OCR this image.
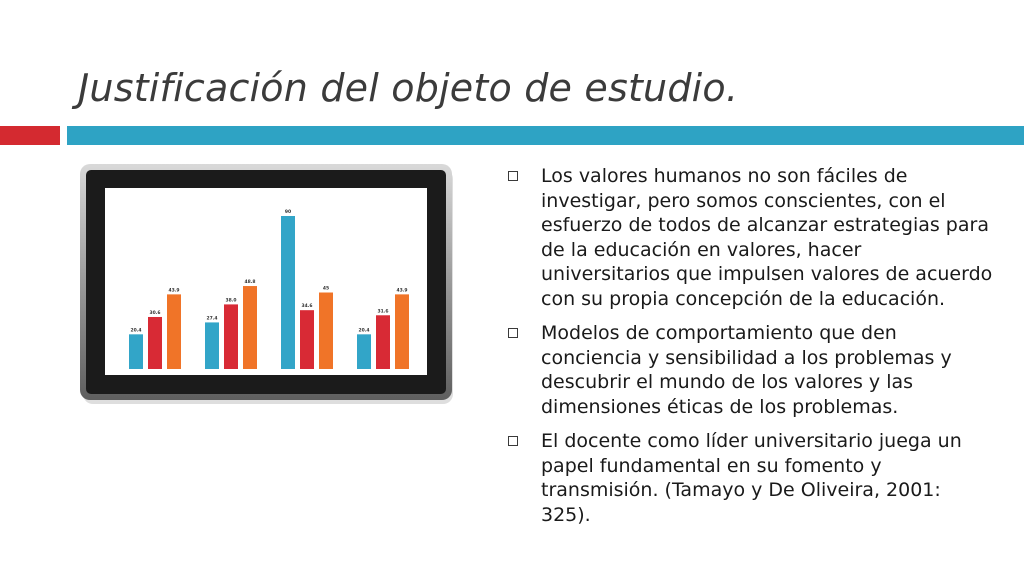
Justificación del objeto de estudio.
20.4
27.4
90
20.4
30.6
38.0
34.6
31.6
43.9
48.8
45	43.9
Los valores humanos no son fáciles de investigar, pero somos conscientes, con el esfuerzo de todos de alcanzar estrategias para de la educación en valores, hacer universitarios que impulsen valores de acuerdo con su propia concepción de la educación.
Modelos de comportamiento que den conciencia y sensibilidad a los problemas y descubrir el mundo de los valores y las dimensiones éticas de los problemas.
El docente como líder universitario juega un papel fundamental en su fomento y transmisión. (Tamayo y De Oliveira, 2001: 325).
